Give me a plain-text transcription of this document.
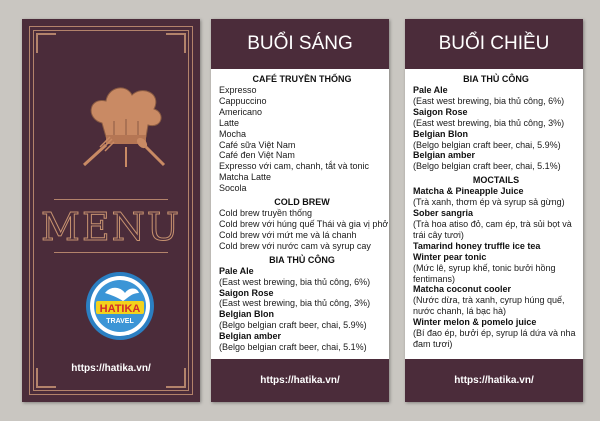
MENU
HATIKA
TRAVEL
https://hatika.vn/
BUỔI SÁNG
CAFÉ TRUYỀN THỐNG
Expresso
Cappuccino
Americano
Latte
Mocha
Café sữa Việt Nam
Café đen Việt Nam
Expresso với cam, chanh, tắt và tonic
Matcha Latte
Socola
COLD BREW
Cold brew truyền thống
Cold brew với húng quế Thái và gia vị phở
Cold brew với mứt me và lá chanh
Cold brew với nước cam và syrup cay
BIA THỦ CÔNG
Pale Ale
(East west brewing, bia thủ công, 6%)
Saigon Rose
(East west brewing, bia thủ công, 3%)
Belgian Blon
(Belgo belgian craft beer, chai, 5.9%)
Belgian amber
(Belgo belgian craft beer, chai, 5.1%)
https://hatika.vn/
BUỔI CHIỀU
BIA THỦ CÔNG
Pale Ale
(East west brewing, bia thủ công, 6%)
Saigon Rose
(East west brewing, bia thủ công, 3%)
Belgian Blon
(Belgo belgian craft beer, chai, 5.9%)
Belgian amber
(Belgo belgian craft beer, chai, 5.1%)
MOCTAILS
Matcha & Pineapple Juice
(Trà xanh, thơm ép và syrup sả gừng)
Sober sangria
(Trà hoa atiso đỏ, cam ép, trà sủi bọt và trái cây tươi)
Tamarind honey truffle ice tea
Winter pear tonic
(Mức lê, syrup khế, tonic bưởi hồng fentimans)
Matcha coconut cooler
(Nước dừa, trà xanh, cyrup húng quế, nước chanh, lá bạc hà)
Winter melon & pomelo juice
(Bí đao ép, bưởi ép, syrup lá dứa và nha đam tươi)
https://hatika.vn/
